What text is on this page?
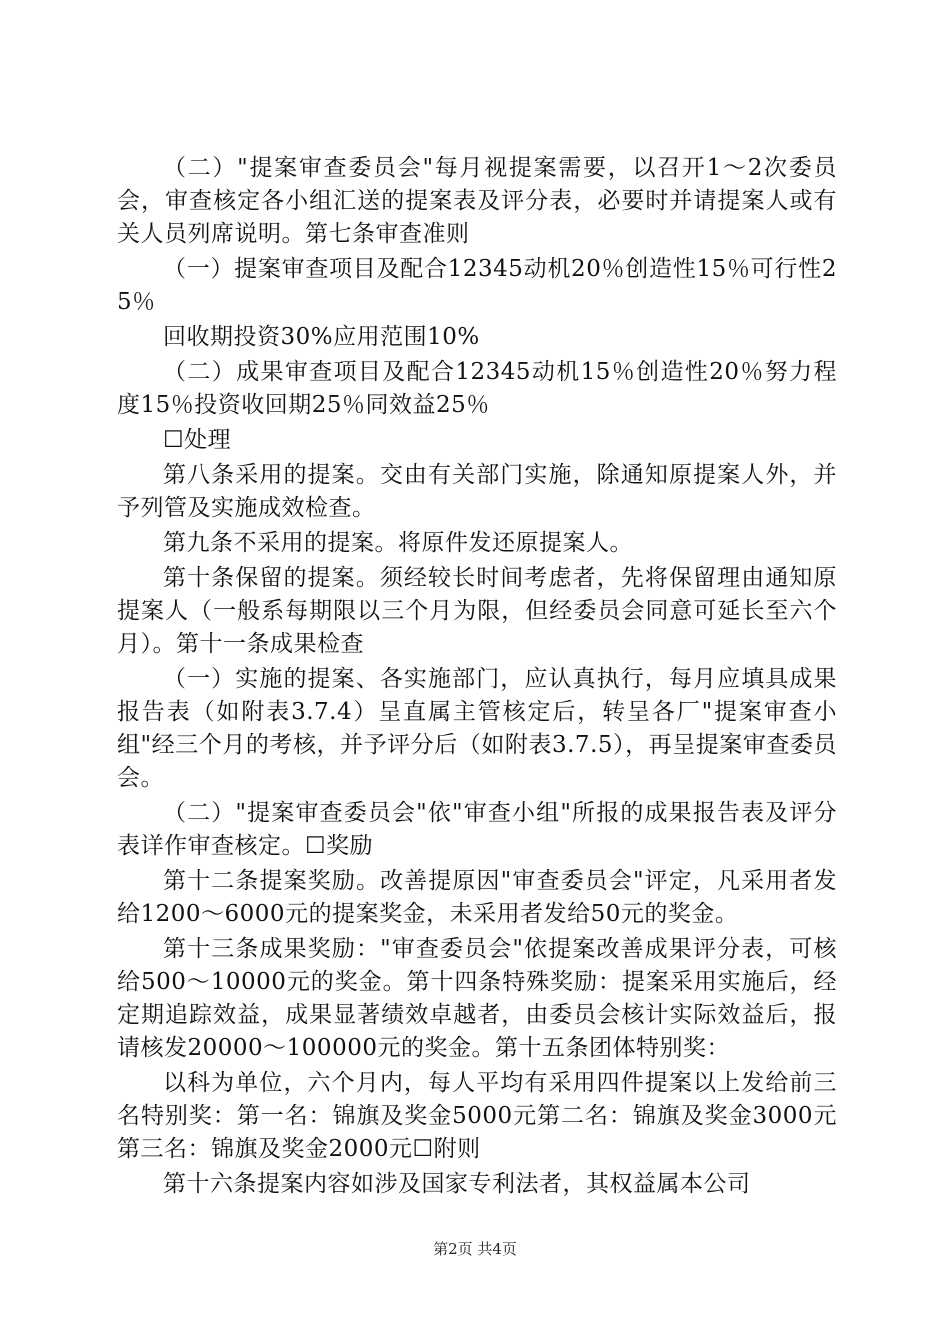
（二）"提案审查委员会"每月视提案需要，以召开1～2次委员会，审查核定各小组汇送的提案表及评分表，必要时并请提案人或有关人员列席说明。第七条审查准则

（一）提案审查项目及配合12345动机20％创造性15％可行性25％

回收期投资30%应用范围10%

（二）成果审查项目及配合12345动机15％创造性20％努力程度15％投资收回期25％同效益25％

☐处理

第八条采用的提案。交由有关部门实施，除通知原提案人外，并予列管及实施成效检查。

第九条不采用的提案。将原件发还原提案人。

第十条保留的提案。须经较长时间考虑者，先将保留理由通知原提案人（一般系每期限以三个月为限，但经委员会同意可延长至六个月）。第十一条成果检查

（一）实施的提案、各实施部门，应认真执行，每月应填具成果报告表（如附表3.7.4）呈直属主管核定后，转呈各厂"提案审查小组"经三个月的考核，并予评分后（如附表3.7.5），再呈提案审查委员会。

（二）"提案审查委员会"依"审查小组"所报的成果报告表及评分表详作审查核定。☐奖励

第十二条提案奖励。改善提原因"审查委员会"评定，凡采用者发给1200～6000元的提案奖金，未采用者发给50元的奖金。

第十三条成果奖励："审查委员会"依提案改善成果评分表，可核给500～10000元的奖金。第十四条特殊奖励：提案采用实施后，经定期追踪效益，成果显著绩效卓越者，由委员会核计实际效益后，报请核发20000～100000元的奖金。第十五条团体特别奖：

以科为单位，六个月内，每人平均有采用四件提案以上发给前三名特别奖：第一名：锦旗及奖金5000元第二名：锦旗及奖金3000元第三名：锦旗及奖金2000元☐附则

第十六条提案内容如涉及国家专利法者，其权益属本公司

第2页 共4页
